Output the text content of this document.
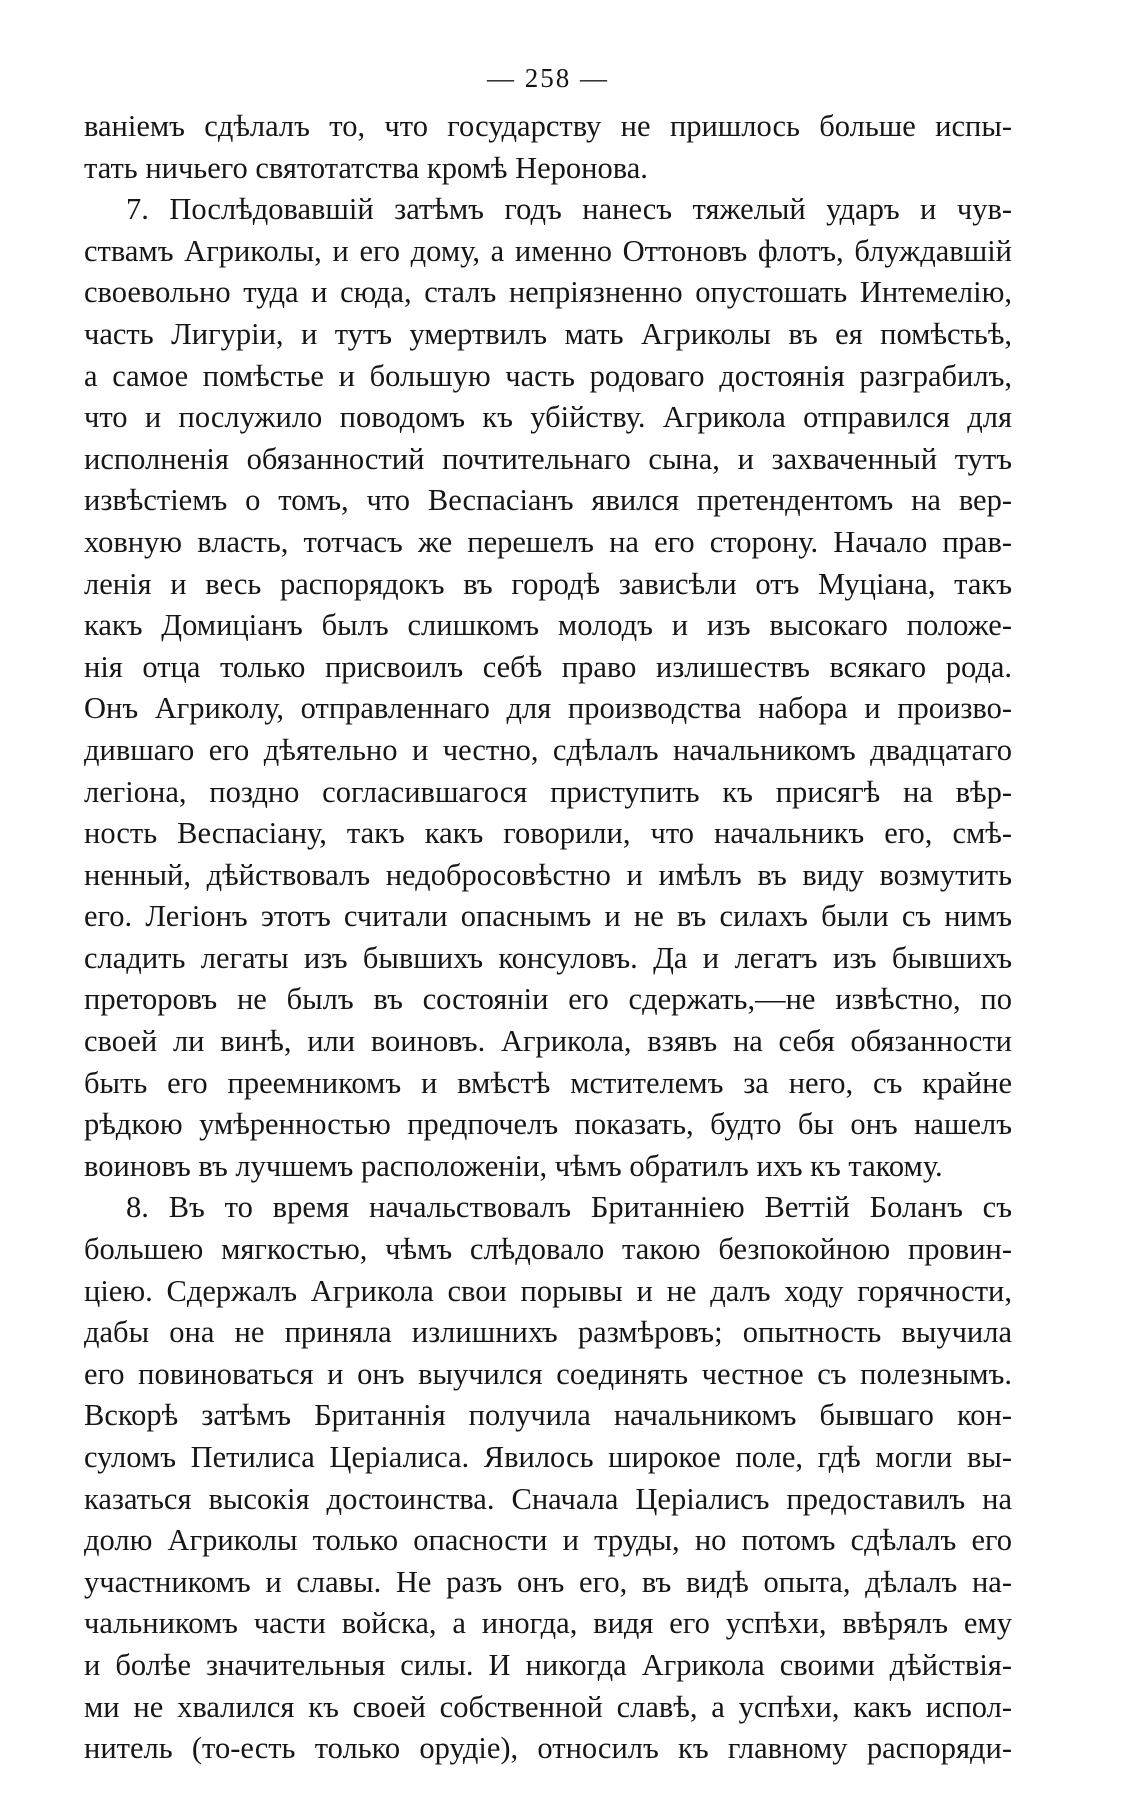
— 258 —
ваніемъ сдѣлалъ то, что государству не пришлось больше испы-
тать ничьего святотатства кромѣ Неронова.
7. Послѣдовавшій затѣмъ годъ нанесъ тяжелый ударъ и чув-
ствамъ Агриколы, и его дому, а именно Оттоновъ флотъ, блуждавшій
своевольно туда и сюда, сталъ непріязненно опустошать Интемелію,
часть Лигуріи, и тутъ умертвилъ мать Агриколы въ ея помѣстьѣ,
а самое помѣстье и большую часть родоваго достоянія разграбилъ,
что и послужило поводомъ къ убійству. Агрикола отправился для
исполненія обязанностий почтительнаго сына, и захваченный тутъ
извѣстіемъ о томъ, что Веспасіанъ явился претендентомъ на вер-
ховную власть, тотчасъ же перешелъ на его сторону. Начало прав-
ленія и весь распорядокъ въ городѣ зависѣли отъ Муціана, такъ
какъ Домиціанъ былъ слишкомъ молодъ и изъ высокаго положе-
нія отца только присвоилъ себѣ право излишествъ всякаго рода.
Онъ Агриколу, отправленнаго для производства набора и произво-
дившаго его дѣятельно и честно, сдѣлалъ начальникомъ двадцатаго
легіона, поздно согласившагося приступить къ присягѣ на вѣр-
ность Веспасіану, такъ какъ говорили, что начальникъ его, смѣ-
ненный, дѣйствовалъ недобросовѣстно и имѣлъ въ виду возмутить
его. Легіонъ этотъ считали опаснымъ и не въ силахъ были съ нимъ
сладить легаты изъ бывшихъ консуловъ. Да и легатъ изъ бывшихъ
преторовъ не былъ въ состояніи его сдержать,—не извѣстно, по
своей ли винѣ, или воиновъ. Агрикола, взявъ на себя обязанности
быть его преемникомъ и вмѣстѣ мстителемъ за него, съ крайне
рѣдкою умѣренностью предпочелъ показать, будто бы онъ нашелъ
воиновъ въ лучшемъ расположеніи, чѣмъ обратилъ ихъ къ такому.
8. Въ то время начальствовалъ Британніею Веттій Боланъ съ
большею мягкостью, чѣмъ слѣдовало такою безпокойною провин-
ціею. Сдержалъ Агрикола свои порывы и не далъ ходу горячности,
дабы она не приняла излишнихъ размѣровъ; опытность выучила
его повиноваться и онъ выучился соединять честное съ полезнымъ.
Вскорѣ затѣмъ Британнія получила начальникомъ бывшаго кон-
суломъ Петилиса Церіалиса. Явилось широкое поле, гдѣ могли вы-
казаться высокія достоинства. Сначала Церіалисъ предоставилъ на
долю Агриколы только опасности и труды, но потомъ сдѣлалъ его
участникомъ и славы. Не разъ онъ его, въ видѣ опыта, дѣлалъ на-
чальникомъ части войска, а иногда, видя его успѣхи, ввѣрялъ ему
и болѣе значительныя силы. И никогда Агрикола своими дѣйствія-
ми не хвалился къ своей собственной славѣ, а успѣхи, какъ испол-
нитель (то-есть только орудіе), относилъ къ главному распоряди-
